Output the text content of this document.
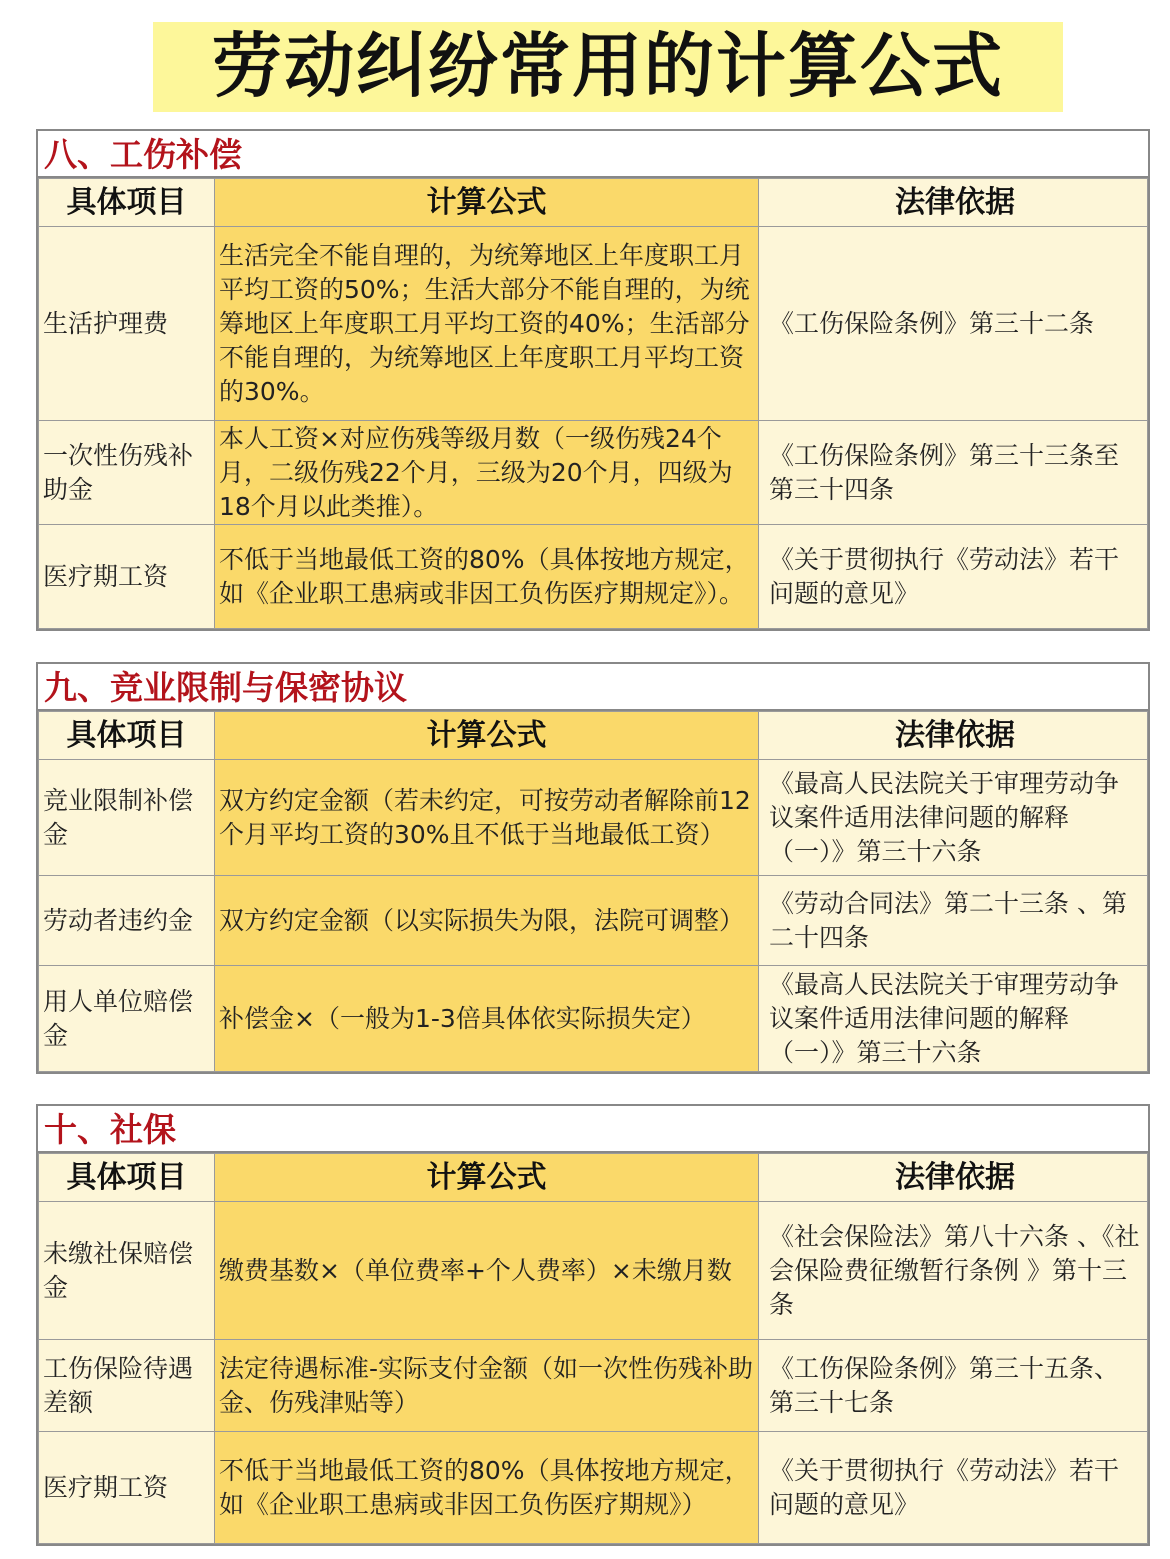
劳动纠纷常用的计算公式
八、工伤补偿
具体项目	计算公式	法律依据
生活护理费	生活完全不能自理的，为统筹地区上年度职工月平均工资的50%；生活大部分不能自理的，为统筹地区上年度职工月平均工资的40%；生活部分不能自理的，为统筹地区上年度职工月平均工资的30%。	《工伤保险条例》第三十二条
一次性伤残补助金	本人工资×对应伤残等级月数（一级伤残24个月，二级伤残22个月，三级为20个月，四级为18个月以此类推）。	《工伤保险条例》第三十三条至第三十四条
医疗期工资	不低于当地最低工资的80%（具体按地方规定，如《企业职工患病或非因工负伤医疗期规定》）。	《关于贯彻执行《劳动法》若干问题的意见》
九、竞业限制与保密协议
具体项目	计算公式	法律依据
竞业限制补偿金	双方约定金额（若未约定，可按劳动者解除前12个月平均工资的30%且不低于当地最低工资）	《最高人民法院关于审理劳动争议案件适用法律问题的解释（一）》第三十六条
劳动者违约金	双方约定金额（以实际损失为限，法院可调整）	《劳动合同法》第二十三条 、第二十四条
用人单位赔偿金	补偿金×（一般为1-3倍具体依实际损失定）	《最高人民法院关于审理劳动争议案件适用法律问题的解释（一）》第三十六条
十、社保
具体项目	计算公式	法律依据
未缴社保赔偿金	缴费基数×（单位费率+个人费率）×未缴月数	《社会保险法》第八十六条 、《社会保险费征缴暂行条例 》第十三条
工伤保险待遇差额	法定待遇标准-实际支付金额（如一次性伤残补助金、伤残津贴等）	《工伤保险条例》第三十五条、第三十七条
医疗期工资	不低于当地最低工资的80%（具体按地方规定，如《企业职工患病或非因工负伤医疗期规》）	《关于贯彻执行《劳动法》若干问题的意见》
